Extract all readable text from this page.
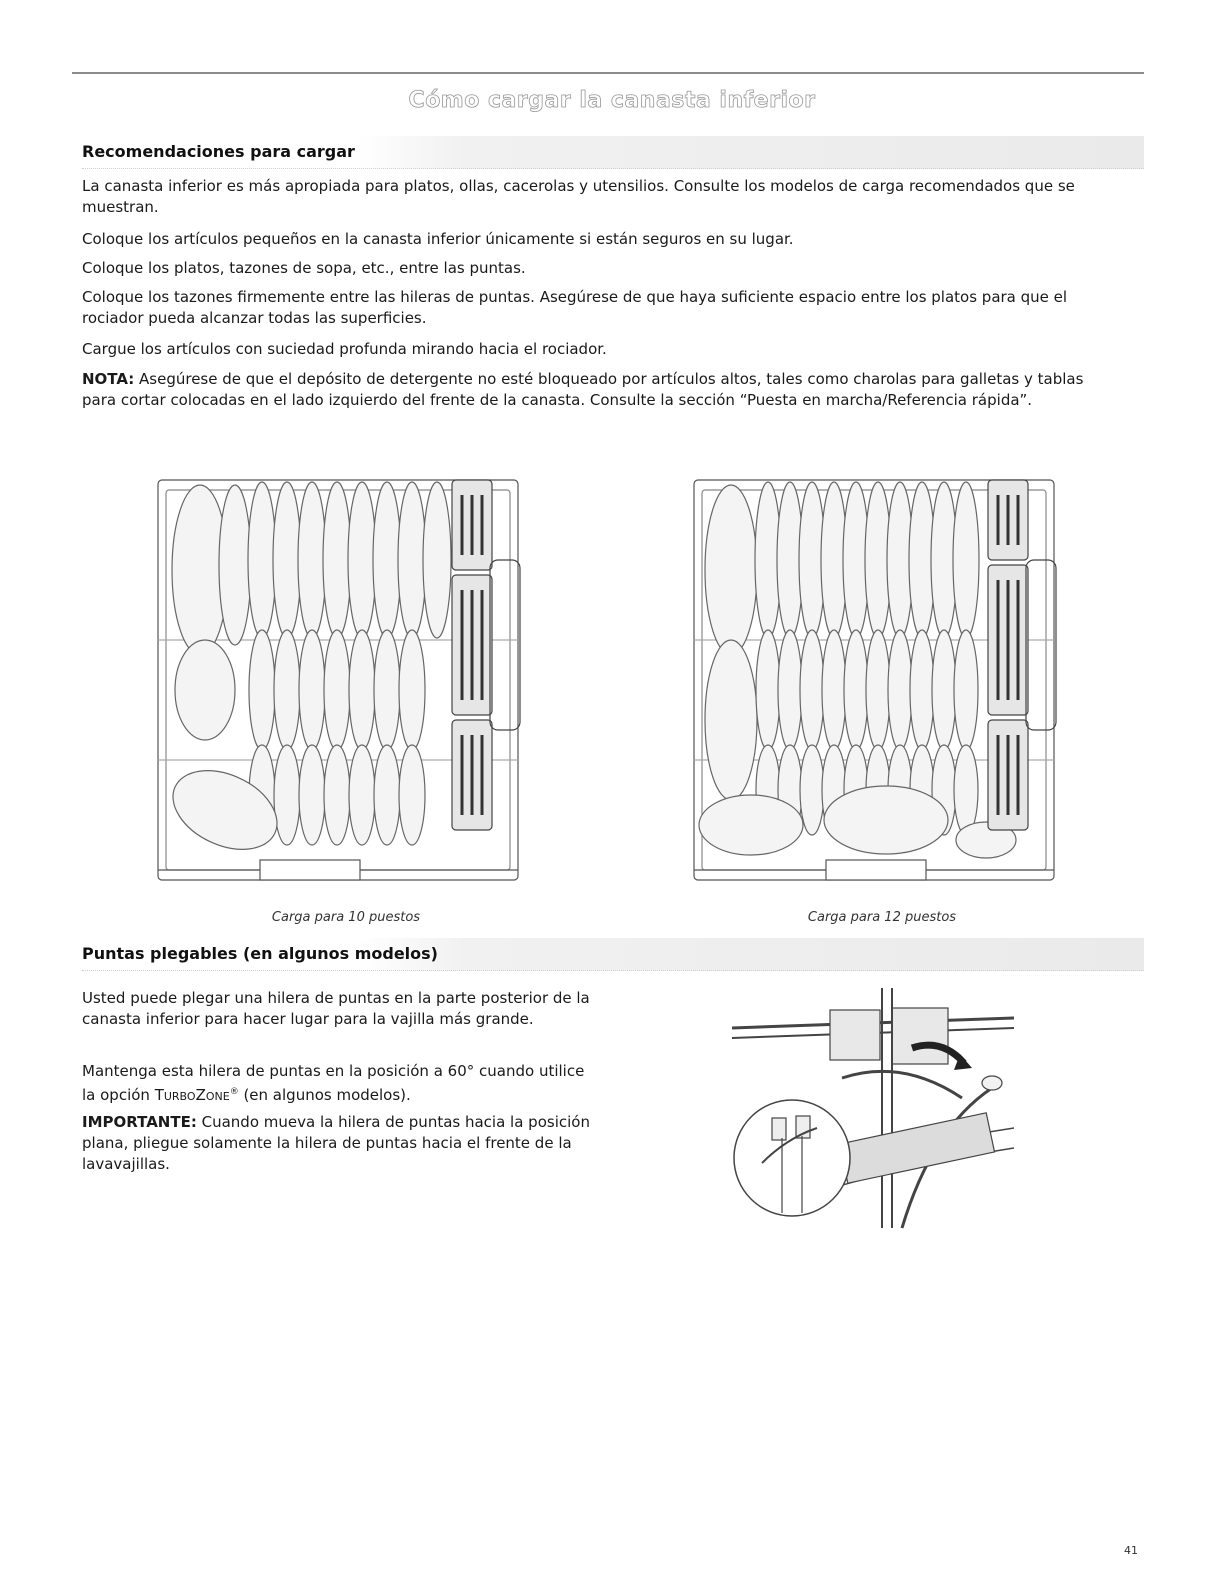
Cómo cargar la canasta inferior
Recomendaciones para cargar

La canasta inferior es más apropiada para platos, ollas, cacerolas y utensilios. Consulte los modelos de carga recomendados que se muestran.

Coloque los artículos pequeños en la canasta inferior únicamente si están seguros en su lugar.

Coloque los platos, tazones de sopa, etc., entre las puntas.

Coloque los tazones firmemente entre las hileras de puntas. Asegúrese de que haya suficiente espacio entre los platos para que el rociador pueda alcanzar todas las superficies.

Cargue los artículos con suciedad profunda mirando hacia el rociador.

NOTA: Asegúrese de que el depósito de detergente no esté bloqueado por artículos altos, tales como charolas para galletas y tablas para cortar colocadas en el lado izquierdo del frente de la canasta. Consulte la sección “Puesta en marcha/Referencia rápida”.

Carga para 10 puestos	Carga para 12 puestos
Puntas plegables (en algunos modelos)

Usted puede plegar una hilera de puntas en la parte posterior de la canasta inferior para hacer lugar para la vajilla más grande.

Mantenga esta hilera de puntas en la posición a 60° cuando utilice la opción TurboZone® (en algunos modelos).

IMPORTANTE: Cuando mueva la hilera de puntas hacia la posición plana, pliegue solamente la hilera de puntas hacia el frente de la lavavajillas.

41
